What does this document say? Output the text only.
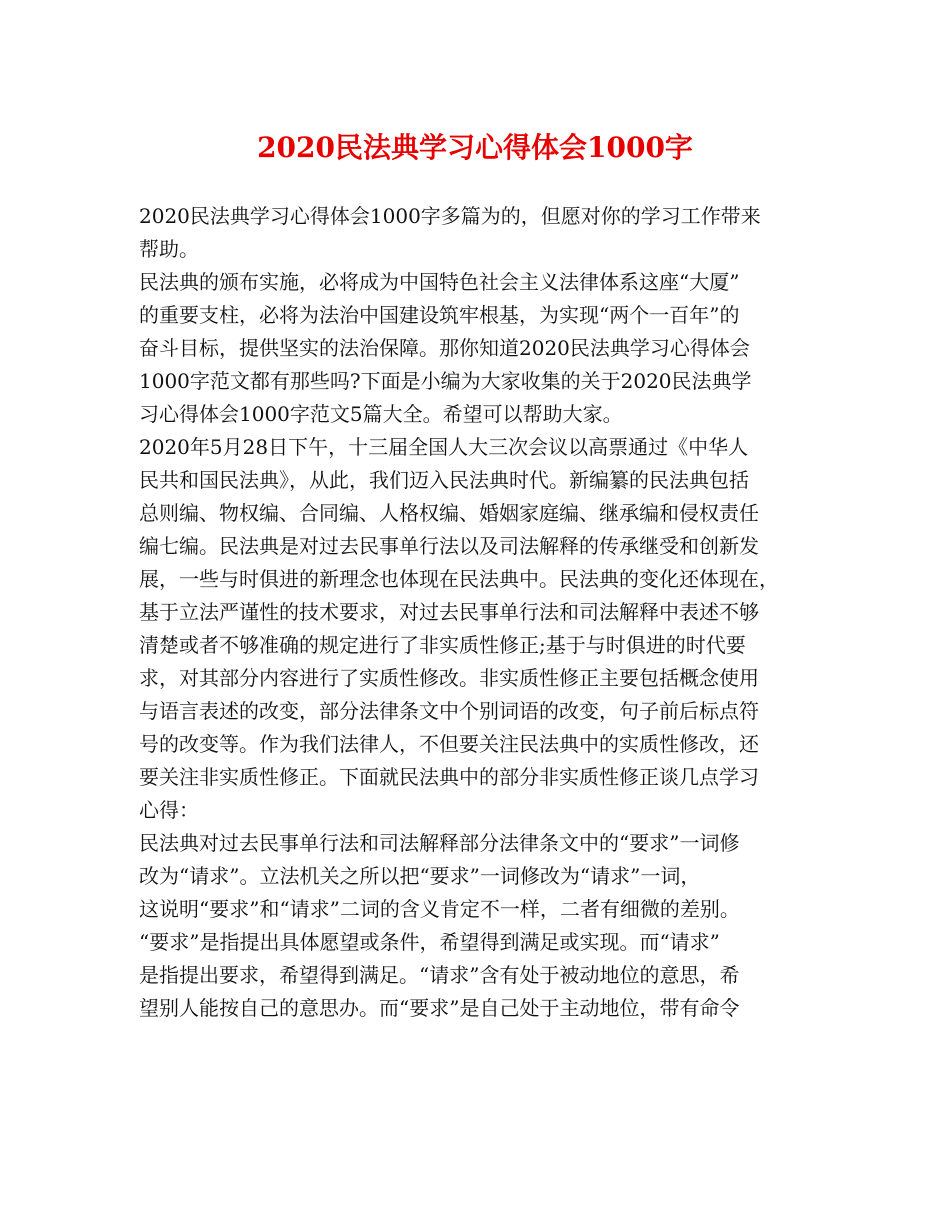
2020民法典学习心得体会1000字
2020民法典学习心得体会1000字多篇为的，但愿对你的学习工作带来
帮助。
民法典的颁布实施，必将成为中国特色社会主义法律体系这座“大厦”
的重要支柱，必将为法治中国建设筑牢根基，为实现“两个一百年”的
奋斗目标，提供坚实的法治保障。那你知道2020民法典学习心得体会
1000字范文都有那些吗?下面是小编为大家收集的关于2020民法典学
习心得体会1000字范文5篇大全。希望可以帮助大家。
2020年5月28日下午，十三届全国人大三次会议以高票通过《中华人
民共和国民法典》，从此，我们迈入民法典时代。新编纂的民法典包括
总则编、物权编、合同编、人格权编、婚姻家庭编、继承编和侵权责任
编七编。民法典是对过去民事单行法以及司法解释的传承继受和创新发
展，一些与时俱进的新理念也体现在民法典中。民法典的变化还体现在，
基于立法严谨性的技术要求，对过去民事单行法和司法解释中表述不够
清楚或者不够准确的规定进行了非实质性修正;基于与时俱进的时代要
求，对其部分内容进行了实质性修改。非实质性修正主要包括概念使用
与语言表述的改变，部分法律条文中个别词语的改变，句子前后标点符
号的改变等。作为我们法律人，不但要关注民法典中的实质性修改，还
要关注非实质性修正。下面就民法典中的部分非实质性修正谈几点学习
心得：
民法典对过去民事单行法和司法解释部分法律条文中的“要求”一词修
改为“请求”。立法机关之所以把“要求”一词修改为“请求”一词，
这说明“要求”和“请求”二词的含义肯定不一样，二者有细微的差别。
“要求”是指提出具体愿望或条件，希望得到满足或实现。而“请求”
是指提出要求，希望得到满足。“请求”含有处于被动地位的意思，希
望别人能按自己的意思办。而“要求”是自己处于主动地位，带有命令
